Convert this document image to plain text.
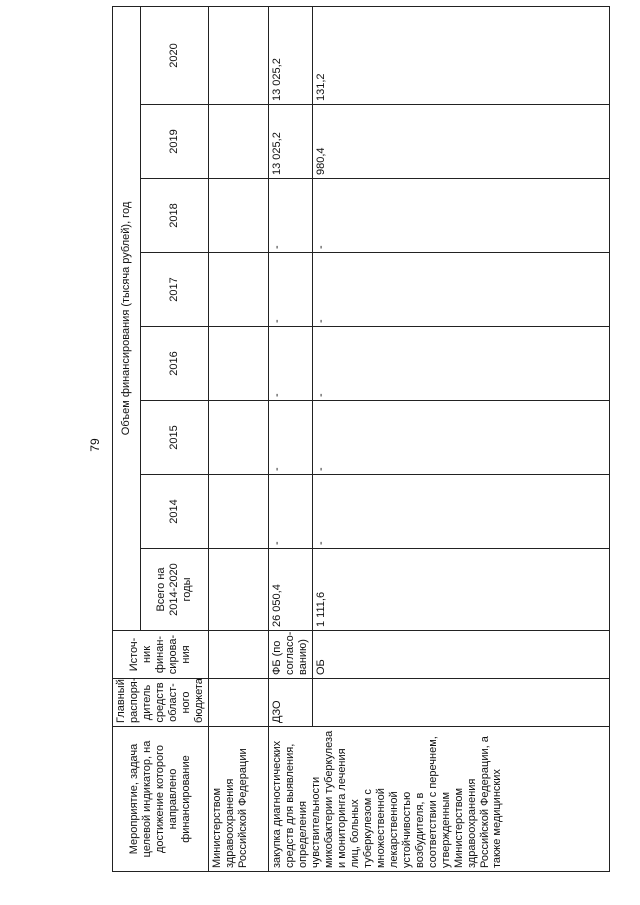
79
Мероприятие, задача целевой индикатор, на достижение которого направлено финансирование	Главный распоря-дитель средств област-ного бюджета	Источ-ник финан-сирова-ния	Объем финансирования (тысяча рублей), год							
			Всего на 2014-2020 годы	2014	2015	2016	2017	2018	2019	2020
Министерством здравоохранения Российской Федерации										
закупка диагностических средств для выявления, определения чувствительности микобактерии туберкулеза и мониторинга лечения лиц, больных туберкулезом с множественной лекарственной устойчивостью возбудителя, в соответствии с перечнем, утвержденным Министерством здравоохранения Российской Федерации, а также медицинских	ДЗО	ФБ (по согласо-ванию)	26 050,4	-	-	-	-	-	13 025,2	13 025,2
		ОБ	1 111,6	-	-	-	-	-	980,4	131,2
